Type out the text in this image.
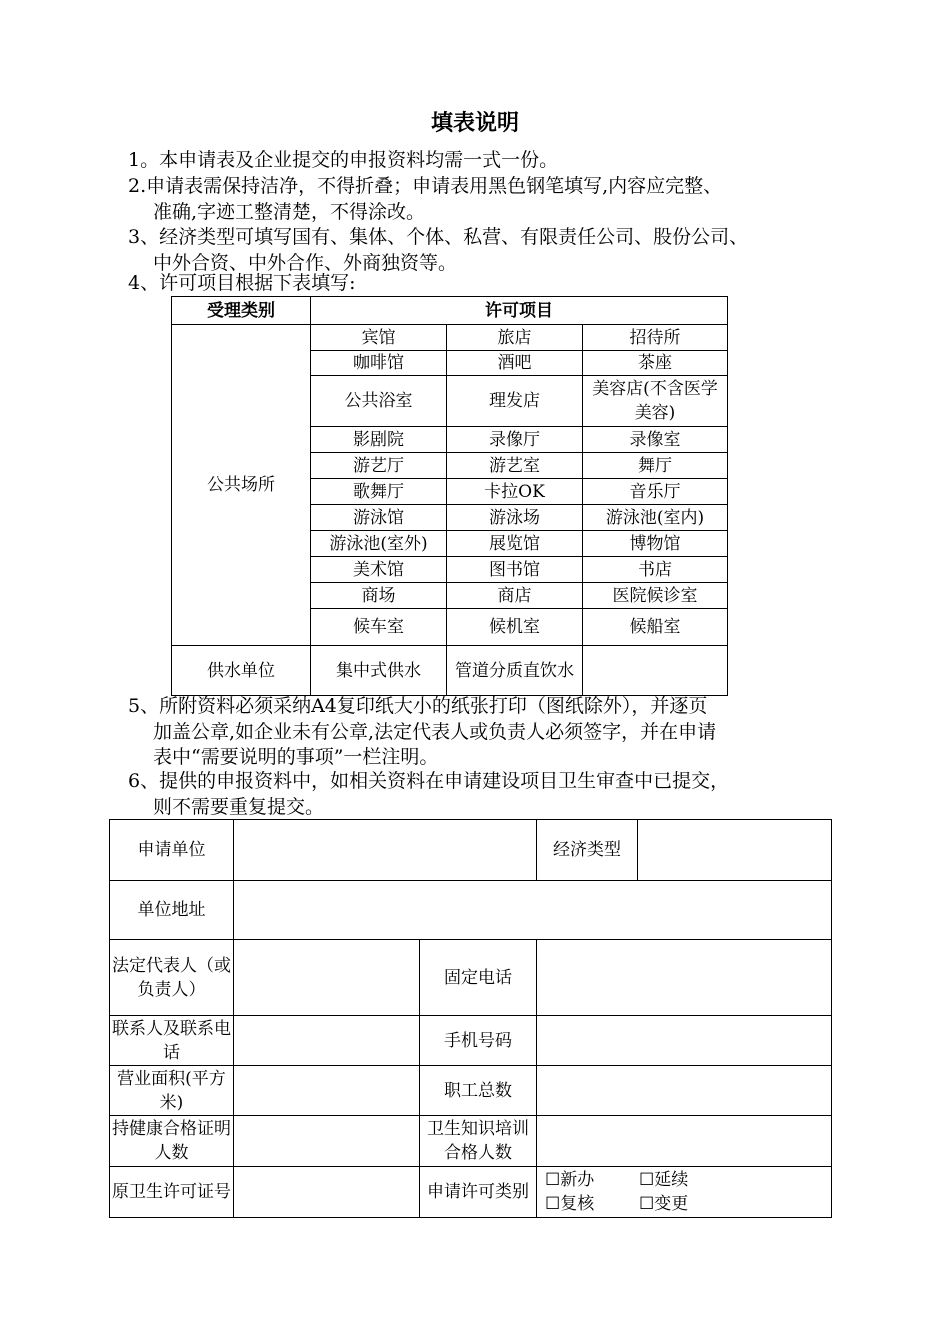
填表说明
1。本申请表及企业提交的申报资料均需一式一份。
2.申请表需保持洁净，不得折叠；申请表用黑色钢笔填写,内容应完整、
准确,字迹工整清楚，不得涂改。
3、经济类型可填写国有、集体、个体、私营、有限责任公司、股份公司、
中外合资、中外合作、外商独资等。
4、许可项目根据下表填写:
受理类别	许可项目		
公共场所	宾馆	旅店	招待所
	咖啡馆	酒吧	茶座
	公共浴室	理发店	美容店(不含医学美容)
	影剧院	录像厅	录像室
	游艺厅	游艺室	舞厅
	歌舞厅	卡拉OK	音乐厅
	游泳馆	游泳场	游泳池(室内)
	游泳池(室外)	展览馆	博物馆
	美术馆	图书馆	书店
	商场	商店	医院候诊室
	候车室	候机室	候船室
供水单位	集中式供水	管道分质直饮水	
5、所附资料必须采纳A4复印纸大小的纸张打印（图纸除外），并逐页
加盖公章,如企业未有公章,法定代表人或负责人必须签字，并在申请
表中“需要说明的事项”一栏注明。
6、提供的申报资料中，如相关资料在申请建设项目卫生审查中已提交，
则不需要重复提交。
申请单位			经济类型	
单位地址				
法定代表人（或负责人）		固定电话		
联系人及联系电话		手机号码		
营业面积(平方米)		职工总数		
持健康合格证明人数		卫生知识培训合格人数		
原卫生许可证号		申请许可类别	☐新办 ☐延续
☐复核 ☐变更	
